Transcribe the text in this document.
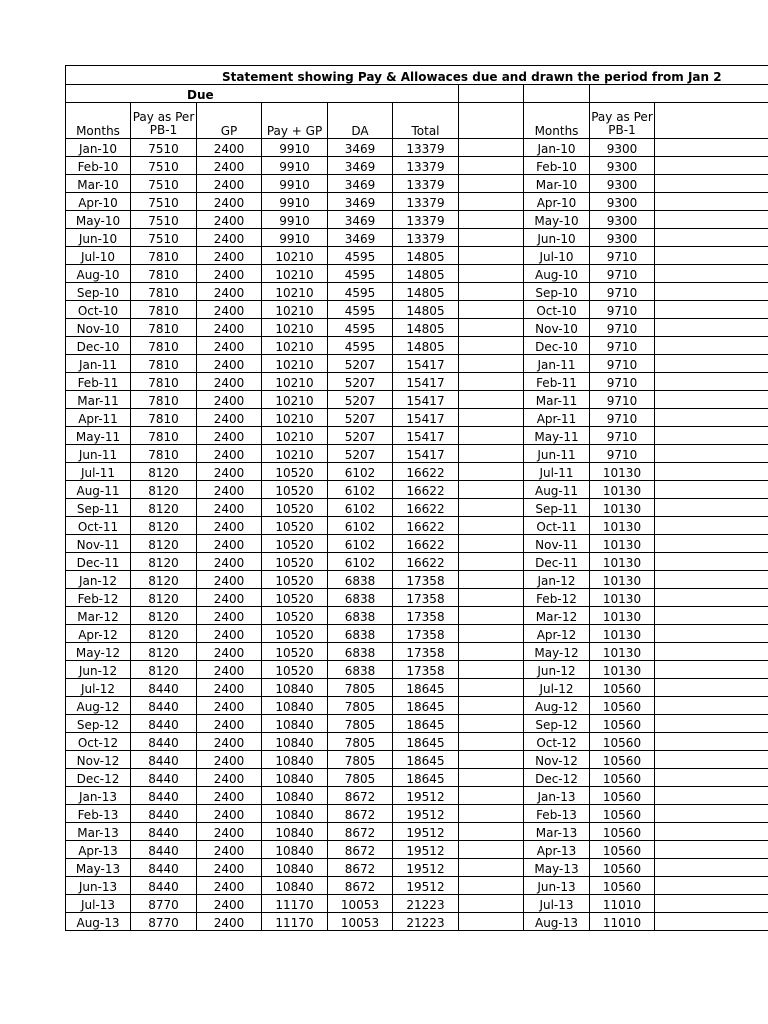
Statement showing Pay & Allowaces due and drawn the period from Jan 2									
Due									
Months	Pay as Per PB-1	GP	Pay + GP	DA	Total		Months	Pay as Per PB-1	
Jan-10	7510	2400	9910	3469	13379		Jan-10	9300	
Feb-10	7510	2400	9910	3469	13379		Feb-10	9300	
Mar-10	7510	2400	9910	3469	13379		Mar-10	9300	
Apr-10	7510	2400	9910	3469	13379		Apr-10	9300	
May-10	7510	2400	9910	3469	13379		May-10	9300	
Jun-10	7510	2400	9910	3469	13379		Jun-10	9300	
Jul-10	7810	2400	10210	4595	14805		Jul-10	9710	
Aug-10	7810	2400	10210	4595	14805		Aug-10	9710	
Sep-10	7810	2400	10210	4595	14805		Sep-10	9710	
Oct-10	7810	2400	10210	4595	14805		Oct-10	9710	
Nov-10	7810	2400	10210	4595	14805		Nov-10	9710	
Dec-10	7810	2400	10210	4595	14805		Dec-10	9710	
Jan-11	7810	2400	10210	5207	15417		Jan-11	9710	
Feb-11	7810	2400	10210	5207	15417		Feb-11	9710	
Mar-11	7810	2400	10210	5207	15417		Mar-11	9710	
Apr-11	7810	2400	10210	5207	15417		Apr-11	9710	
May-11	7810	2400	10210	5207	15417		May-11	9710	
Jun-11	7810	2400	10210	5207	15417		Jun-11	9710	
Jul-11	8120	2400	10520	6102	16622		Jul-11	10130	
Aug-11	8120	2400	10520	6102	16622		Aug-11	10130	
Sep-11	8120	2400	10520	6102	16622		Sep-11	10130	
Oct-11	8120	2400	10520	6102	16622		Oct-11	10130	
Nov-11	8120	2400	10520	6102	16622		Nov-11	10130	
Dec-11	8120	2400	10520	6102	16622		Dec-11	10130	
Jan-12	8120	2400	10520	6838	17358		Jan-12	10130	
Feb-12	8120	2400	10520	6838	17358		Feb-12	10130	
Mar-12	8120	2400	10520	6838	17358		Mar-12	10130	
Apr-12	8120	2400	10520	6838	17358		Apr-12	10130	
May-12	8120	2400	10520	6838	17358		May-12	10130	
Jun-12	8120	2400	10520	6838	17358		Jun-12	10130	
Jul-12	8440	2400	10840	7805	18645		Jul-12	10560	
Aug-12	8440	2400	10840	7805	18645		Aug-12	10560	
Sep-12	8440	2400	10840	7805	18645		Sep-12	10560	
Oct-12	8440	2400	10840	7805	18645		Oct-12	10560	
Nov-12	8440	2400	10840	7805	18645		Nov-12	10560	
Dec-12	8440	2400	10840	7805	18645		Dec-12	10560	
Jan-13	8440	2400	10840	8672	19512		Jan-13	10560	
Feb-13	8440	2400	10840	8672	19512		Feb-13	10560	
Mar-13	8440	2400	10840	8672	19512		Mar-13	10560	
Apr-13	8440	2400	10840	8672	19512		Apr-13	10560	
May-13	8440	2400	10840	8672	19512		May-13	10560	
Jun-13	8440	2400	10840	8672	19512		Jun-13	10560	
Jul-13	8770	2400	11170	10053	21223		Jul-13	11010	
Aug-13	8770	2400	11170	10053	21223		Aug-13	11010	
